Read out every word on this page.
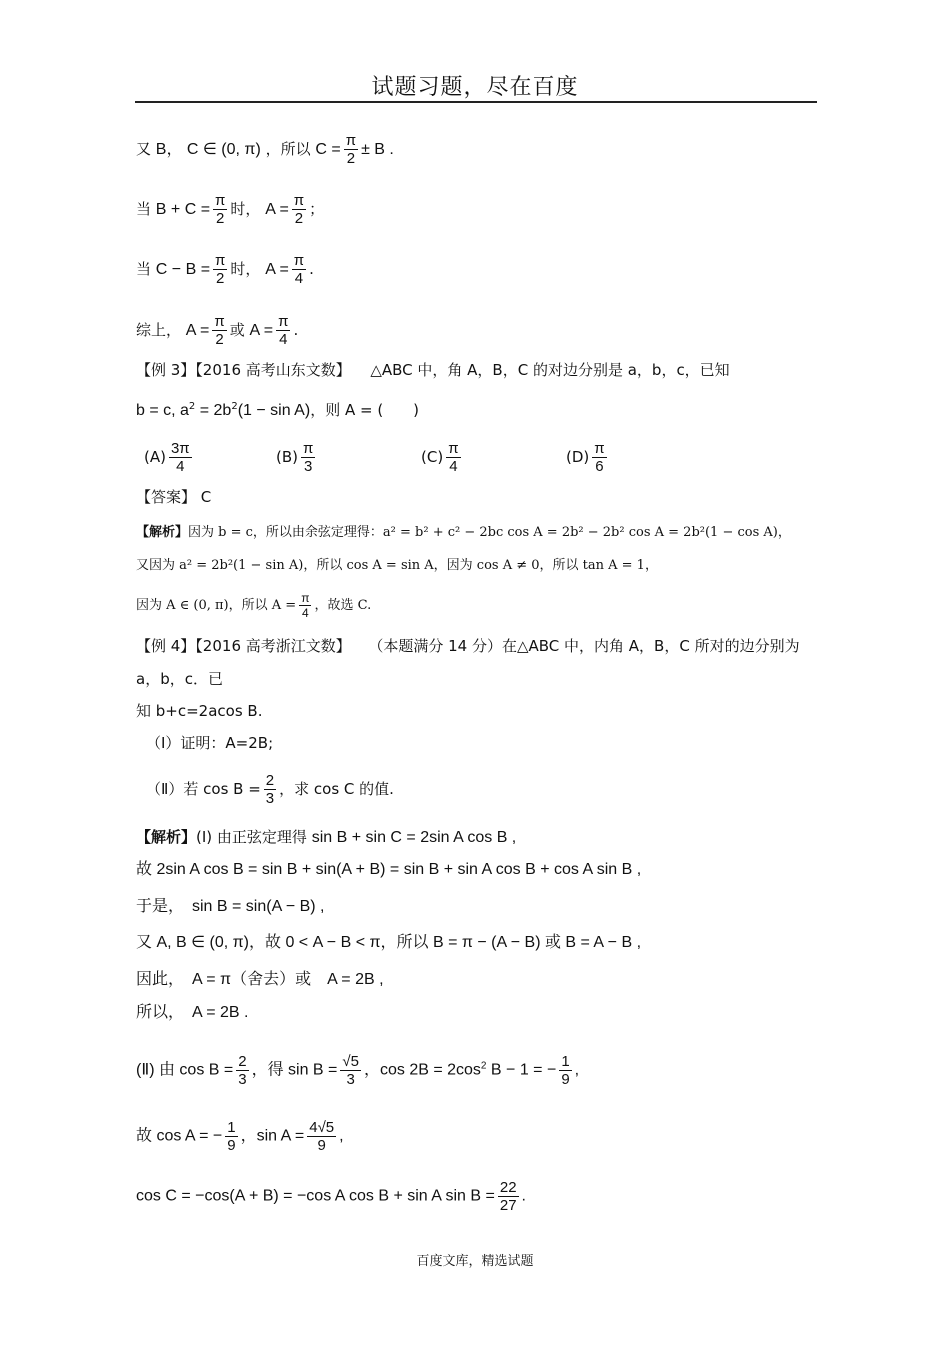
试题习题，尽在百度
又 B， C ∈ (0, π) ，所以 $C = \frac{\pi}{2} \pm B$ .
当 $B + C = \frac{\pi}{2}$ 时， $A = \frac{\pi}{2}$ ；
当 $C - B = \frac{\pi}{2}$ 时， $A = \frac{\pi}{4}$ .
综上， $A = \frac{\pi}{2}$ 或 $A = \frac{\pi}{4}$ .
【例 3】【2016 高考山东文数】 △ABC 中，角 A，B，C 的对边分别是 a，b，c，已知
b = c, $a^2 = 2b^2(1 - \sin A)$，则 A = (　　)
$(A) \frac{3\pi}{4}$	$(B) \frac{\pi}{3}$	$(C) \frac{\pi}{4}$	$(D) \frac{\pi}{6}$
【答案】 C
【解析】因为 b = c，所以由余弦定理得：a² = b² + c² − 2bc cos A = 2b² − 2b² cos A = 2b²(1 − cos A)，
又因为 a² = 2b²(1 − sin A)，所以 cos A = sin A，因为 cos A ≠ 0，所以 tan A = 1，
因为 A ∈ (0, π)，所以 $A = \frac{\pi}{4}$ ，故选 C.
【例 4】【2016 高考浙江文数】 （本题满分 14 分）在△ABC 中，内角 A，B，C 所对的边分别为
a，b，c．已
知 b+c=2acos B.
（Ⅰ）证明：A=2B;
（Ⅱ）若 $\cos B = \frac{2}{3}$ ，求 cos C 的值.
【解析】(Ⅰ) 由正弦定理得 sin B + sin C = 2sin A cos B ,
故 2sin A cos B = sin B + sin(A + B) = sin B + sin A cos B + cos A sin B ,
于是，　sin B = sin(A − B) ,
又 A, B ∈ (0, π)，故 0 < A − B < π，所以 B = π − (A − B) 或 B = A − B ,
因此，　A = π（舍去）或　A = 2B ,
所以，　A = 2B .
(Ⅱ) 由 $\cos B = \frac{2}{3}$ ，得 $\sin B = \frac{√5}{3}$ ，$\cos 2B = 2\cos^2$ B − 1 = − $\frac{1}{9}$ ,
故 cos A = − $\frac{1}{9}$ ，$\sin A = \frac{4√5}{9}$ ,
cos C = −cos(A + B) = −cos A cos B + sin A $\sin B = \frac{22}{27}$ .
百度文库，精选试题
